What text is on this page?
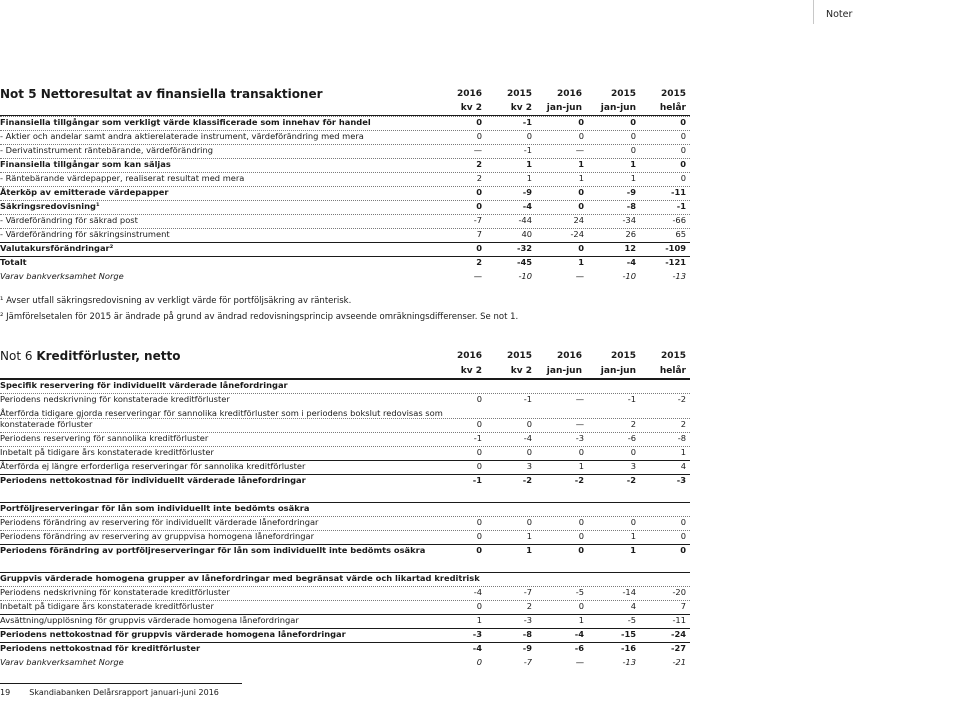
Noter
Not 5 Nettoresultat av finansiella transaktioner	2016	2015	2016	2015	2015
kv 2	kv 2	jan-jun	jan-jun	helår
Finansiella tillgångar som verkligt värde klassificerade som innehav för handel	0	-1	0	0	0
- Aktier och andelar samt andra aktierelaterade instrument, värdeförändring med mera	0	0	0	0	0
- Derivatinstrument räntebärande, värdeförändring	—	-1	—	0	0
Finansiella tillgångar som kan säljas	2	1	1	1	0
- Räntebärande värdepapper, realiserat resultat med mera	2	1	1	1	0
Återköp av emitterade värdepapper	0	-9	0	-9	-11
Säkringsredovisning¹	0	-4	0	-8	-1
- Värdeförändring för säkrad post	-7	-44	24	-34	-66
- Värdeförändring för säkringsinstrument	7	40	-24	26	65
Valutakursförändringar²	0	-32	0	12	-109
Totalt	2	-45	1	-4	-121
Varav bankverksamhet Norge	—	-10	—	-10	-13
¹ Avser utfall säkringsredovisning av verkligt värde för portföljsäkring av ränterisk.
² Jämförelsetalen för 2015 är ändrade på grund av ändrad redovisningsprincip avseende omräkningsdifferenser. Se not 1.
Not 6 Kreditförluster, netto	2016	2015	2016	2015	2015
kv 2	kv 2	jan-jun	jan-jun	helår
Specifik reservering för individuellt värderade lånefordringar
Periodens nedskrivning för konstaterade kreditförluster	0	-1	—	-1	-2
Återförda tidigare gjorda reserveringar för sannolika kreditförluster som i periodens bokslut redovisas som
konstaterade förluster	0	0	—	2	2
Periodens reservering för sannolika kreditförluster	-1	-4	-3	-6	-8
Inbetalt på tidigare års konstaterade kreditförluster	0	0	0	0	1
Återförda ej längre erforderliga reserveringar för sannolika kreditförluster	0	3	1	3	4
Periodens nettokostnad för individuellt värderade lånefordringar	-1	-2	-2	-2	-3
Portföljreserveringar för lån som individuellt inte bedömts osäkra
Periodens förändring av reservering för individuellt värderade lånefordringar	0	0	0	0	0
Periodens förändring av reservering av gruppvisa homogena lånefordringar	0	1	0	1	0
Periodens förändring av portföljreserveringar för lån som individuellt inte bedömts osäkra	0	1	0	1	0
Gruppvis värderade homogena grupper av lånefordringar med begränsat värde och likartad kreditrisk
Periodens nedskrivning för konstaterade kreditförluster	-4	-7	-5	-14	-20
Inbetalt på tidigare års konstaterade kreditförluster	0	2	0	4	7
Avsättning/upplösning för gruppvis värderade homogena lånefordringar	1	-3	1	-5	-11
Periodens nettokostnad för gruppvis värderade homogena lånefordringar	-3	-8	-4	-15	-24
Periodens nettokostnad för kreditförluster	-4	-9	-6	-16	-27
Varav bankverksamhet Norge	0	-7	—	-13	-21
19 Skandiabanken Delårsrapport januari-juni 2016
